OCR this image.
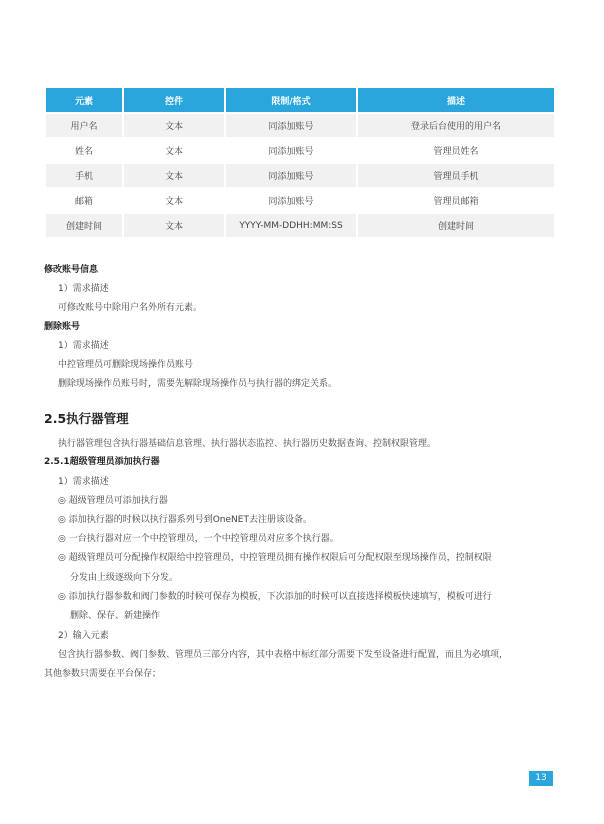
元素	控件	限制/格式	描述
用户名	文本	同添加账号	登录后台使用的用户名
姓名	文本	同添加账号	管理员姓名
手机	文本	同添加账号	管理员手机
邮箱	文本	同添加账号	管理员邮箱
创建时间	文本	YYYY-MM-DDHH:MM:SS	创建时间
修改账号信息
1）需求描述
可修改账号中除用户名外所有元素。
删除账号
1）需求描述
中控管理员可删除现场操作员账号
删除现场操作员账号时，需要先解除现场操作员与执行器的绑定关系。
2.5执行器管理
执行器管理包含执行器基础信息管理、执行器状态监控、执行器历史数据查询、控制权限管理。
2.5.1超级管理员添加执行器
1）需求描述
◎ 超级管理员可添加执行器
◎ 添加执行器的时候以执行器系列号到OneNET去注册该设备。
◎ 一台执行器对应一个中控管理员，一个中控管理员对应多个执行器。
◎ 超级管理员可分配操作权限给中控管理员，中控管理员拥有操作权限后可分配权限至现场操作员，控制权限
分发由上级逐级向下分发。
◎ 添加执行器参数和阀门参数的时候可保存为模板，下次添加的时候可以直接选择模板快速填写，模板可进行
删除、保存、新建操作
2）输入元素
包含执行器参数、阀门参数、管理员三部分内容，其中表格中标红部分需要下发至设备进行配置，而且为必填项，
其他参数只需要在平台保存；
13
